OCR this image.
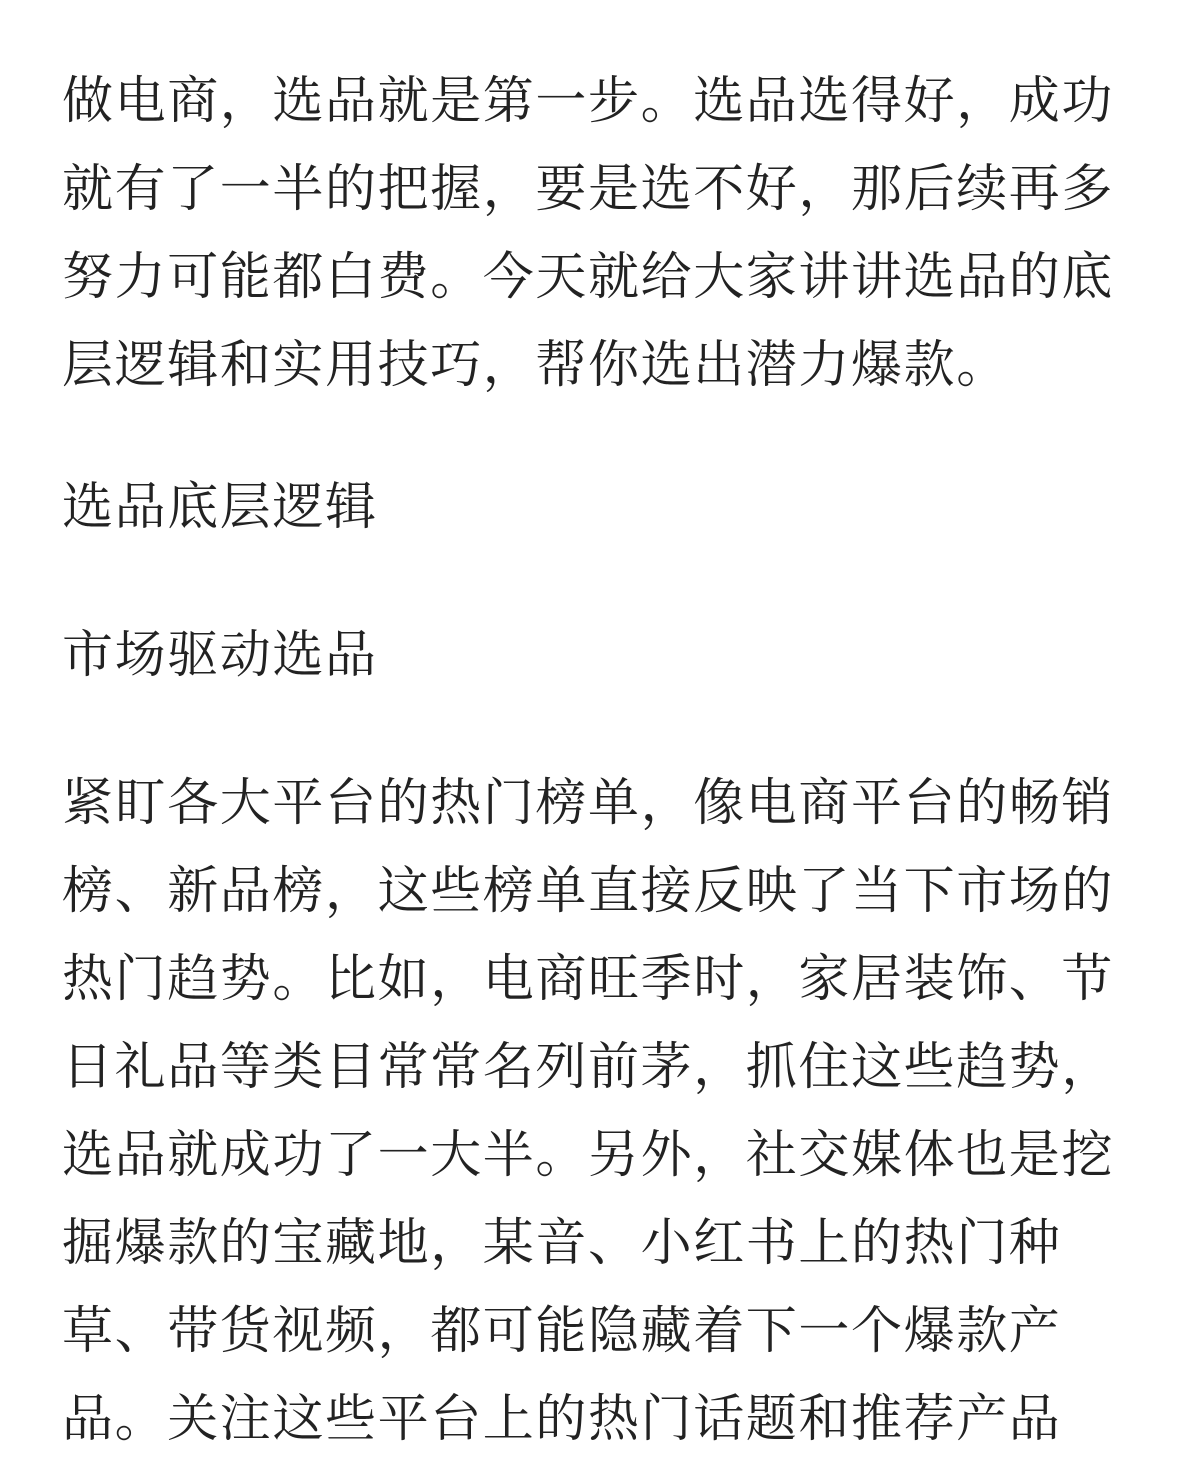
做电商，选品就是第一步。选品选得好，成功就有了一半的把握，要是选不好，那后续再多努力可能都白费。今天就给大家讲讲选品的底层逻辑和实用技巧，帮你选出潜力爆款。

选品底层逻辑
市场驱动选品

紧盯各大平台的热门榜单，像电商平台的畅销榜、新品榜，这些榜单直接反映了当下市场的热门趋势。比如，电商旺季时，家居装饰、节日礼品等类目常常名列前茅，抓住这些趋势，选品就成功了一大半。另外，社交媒体也是挖掘爆款的宝藏地，某音、小红书上的热门种草、带货视频，都可能隐藏着下一个爆款产品。关注这些平台上的热门话题和推荐产品
